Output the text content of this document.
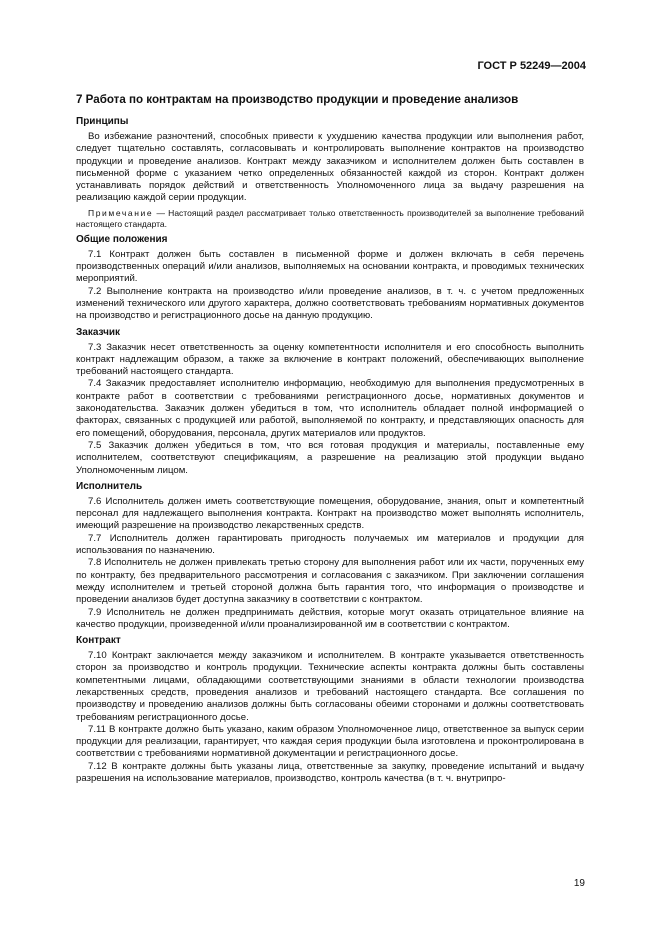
ГОСТ Р 52249—2004
7 Работа по контрактам на производство продукции и проведение анализов
Принципы

Во избежание разночтений, способных привести к ухудшению качества продукции или выполнения работ, следует тщательно составлять, согласовывать и контролировать выполнение контрактов на производство продукции и проведение анализов. Контракт между заказчиком и исполнителем должен быть составлен в письменной форме с указанием четко определенных обязанностей каждой из сторон. Контракт должен устанавливать порядок действий и ответственность Уполномоченного лица за выдачу разрешения на реализацию каждой серии продукции.

Примечание — Настоящий раздел рассматривает только ответственность производителей за выполнение требований настоящего стандарта.

Общие положения

7.1 Контракт должен быть составлен в письменной форме и должен включать в себя перечень производственных операций и/или анализов, выполняемых на основании контракта, и проводимых технических мероприятий.

7.2 Выполнение контракта на производство и/или проведение анализов, в т. ч. с учетом предложенных изменений технического или другого характера, должно соответствовать требованиям нормативных документов на производство и регистрационного досье на данную продукцию.

Заказчик

7.3 Заказчик несет ответственность за оценку компетентности исполнителя и его способность выполнить контракт надлежащим образом, а также за включение в контракт положений, обеспечивающих выполнение требований настоящего стандарта.

7.4 Заказчик предоставляет исполнителю информацию, необходимую для выполнения предусмотренных в контракте работ в соответствии с требованиями регистрационного досье, нормативных документов и законодательства. Заказчик должен убедиться в том, что исполнитель обладает полной информацией о факторах, связанных с продукцией или работой, выполняемой по контракту, и представляющих опасность для его помещений, оборудования, персонала, других материалов или продуктов.

7.5 Заказчик должен убедиться в том, что вся готовая продукция и материалы, поставленные ему исполнителем, соответствуют спецификациям, а разрешение на реализацию этой продукции выдано Уполномоченным лицом.

Исполнитель

7.6 Исполнитель должен иметь соответствующие помещения, оборудование, знания, опыт и компетентный персонал для надлежащего выполнения контракта. Контракт на производство может выполнять исполнитель, имеющий разрешение на производство лекарственных средств.

7.7 Исполнитель должен гарантировать пригодность получаемых им материалов и продукции для использования по назначению.

7.8 Исполнитель не должен привлекать третью сторону для выполнения работ или их части, порученных ему по контракту, без предварительного рассмотрения и согласования с заказчиком. При заключении соглашения между исполнителем и третьей стороной должна быть гарантия того, что информация о производстве и проведении анализов будет доступна заказчику в соответствии с контрактом.

7.9 Исполнитель не должен предпринимать действия, которые могут оказать отрицательное влияние на качество продукции, произведенной и/или проанализированной им в соответствии с контрактом.

Контракт

7.10 Контракт заключается между заказчиком и исполнителем. В контракте указывается ответственность сторон за производство и контроль продукции. Технические аспекты контракта должны быть составлены компетентными лицами, обладающими соответствующими знаниями в области технологии производства лекарственных средств, проведения анализов и требований настоящего стандарта. Все соглашения по производству и проведению анализов должны быть согласованы обеими сторонами и должны соответствовать требованиям регистрационного досье.

7.11 В контракте должно быть указано, каким образом Уполномоченное лицо, ответственное за выпуск серии продукции для реализации, гарантирует, что каждая серия продукции была изготовлена и проконтролирована в соответствии с требованиями нормативной документации и регистрационного досье.

7.12 В контракте должны быть указаны лица, ответственные за закупку, проведение испытаний и выдачу разрешения на использование материалов, производство, контроль качества (в т. ч. внутрипро-

19
